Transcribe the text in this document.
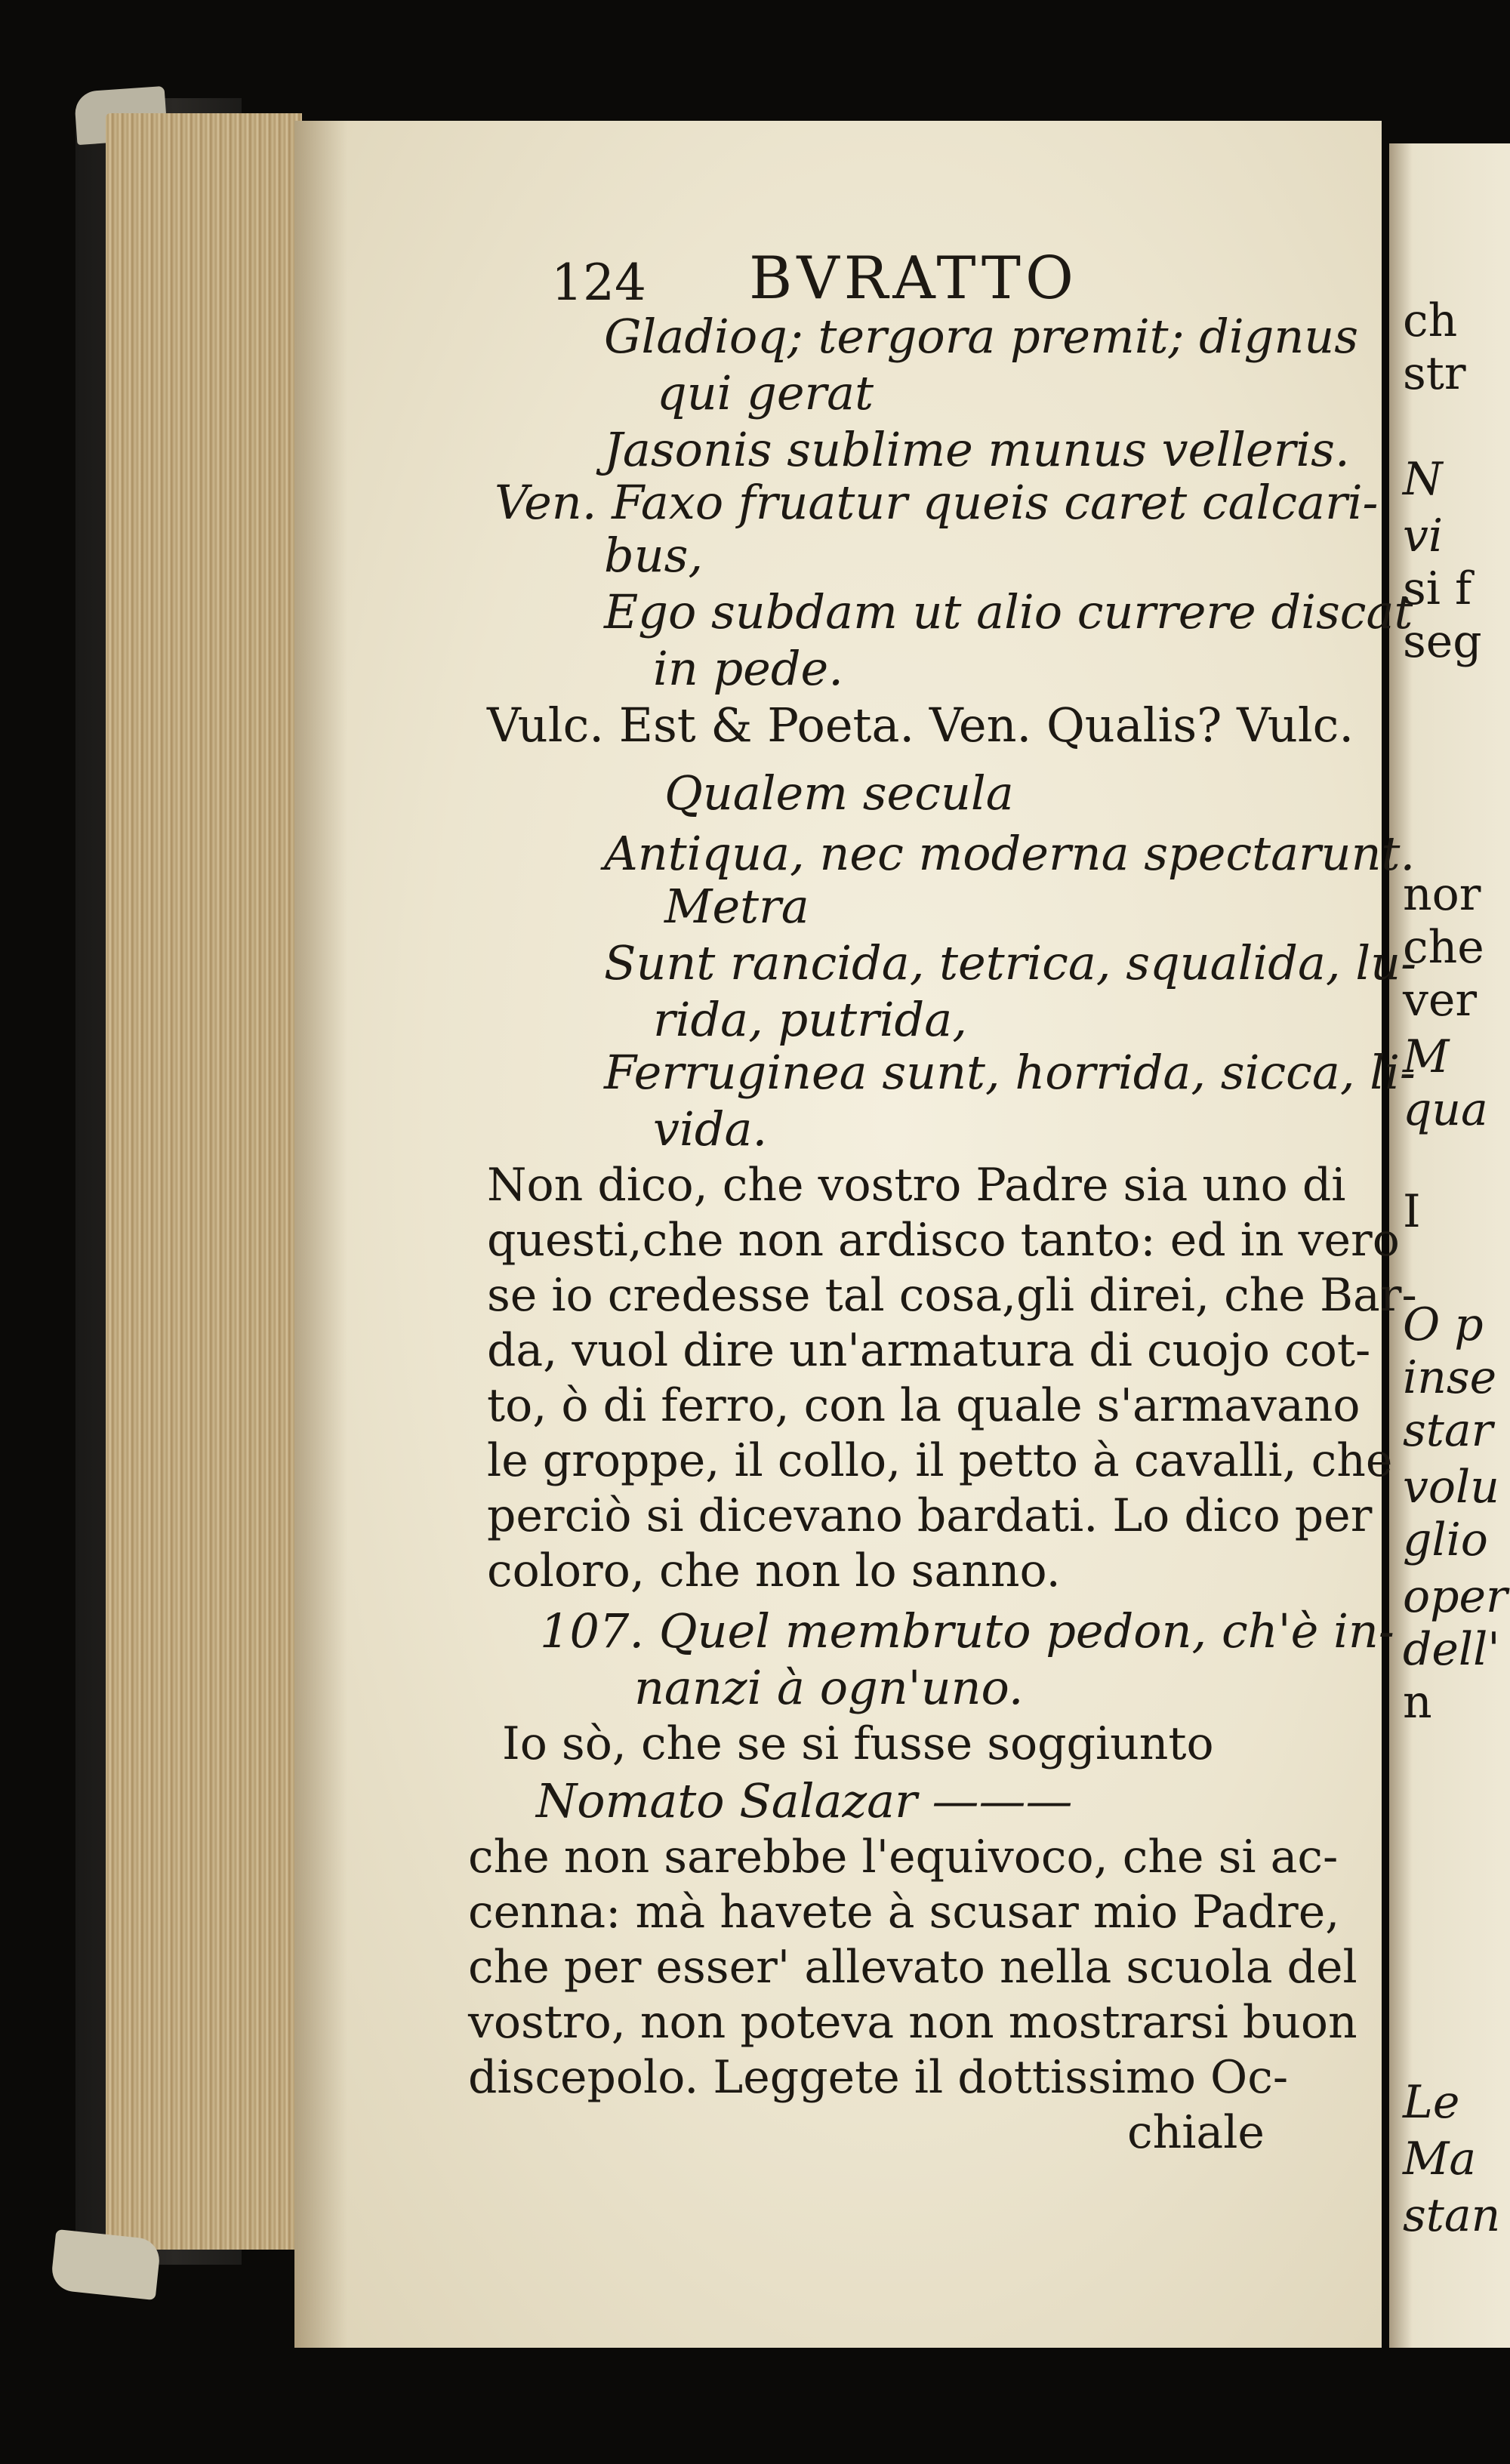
ch
str
N
vi
si f
seg
nor
che
ver
M
qua
I
O p
inse
star
volu
glio
oper
dell'
n
Le
Ma
stan
124 BVRATTO
Gladioq; tergora premit; dignus
qui gerat
Jasonis sublime munus velleris.
Ven. Faxo fruatur queis caret calcari-
bus,
Ego subdam ut alio currere discat
in pede.
Vulc. Est & Poeta. Ven. Qualis? Vulc.
Qualem secula
Antiqua, nec moderna spectarunt.
Metra
Sunt rancida, tetrica, squalida, lu-
rida, putrida,
Ferruginea sunt, horrida, sicca, li-
vida.
Non dico, che vostro Padre sia uno di
questi,che non ardisco tanto: ed in vero
se io credesse tal cosa,gli direi, che Bar-
da, vuol dire un'armatura di cuojo cot-
to, ò di ferro, con la quale s'armavano
le groppe, il collo, il petto à cavalli, che
perciò si dicevano bardati. Lo dico per
coloro, che non lo sanno.
107. Quel membruto pedon, ch'è in-
nanzi à ogn'uno.
Io sò, che se si fusse soggiunto
Nomato Salazar ———
che non sarebbe l'equivoco, che si ac-
cenna: mà havete à scusar mio Padre,
che per esser' allevato nella scuola del
vostro, non poteva non mostrarsi buon
discepolo. Leggete il dottissimo Oc-
chiale
